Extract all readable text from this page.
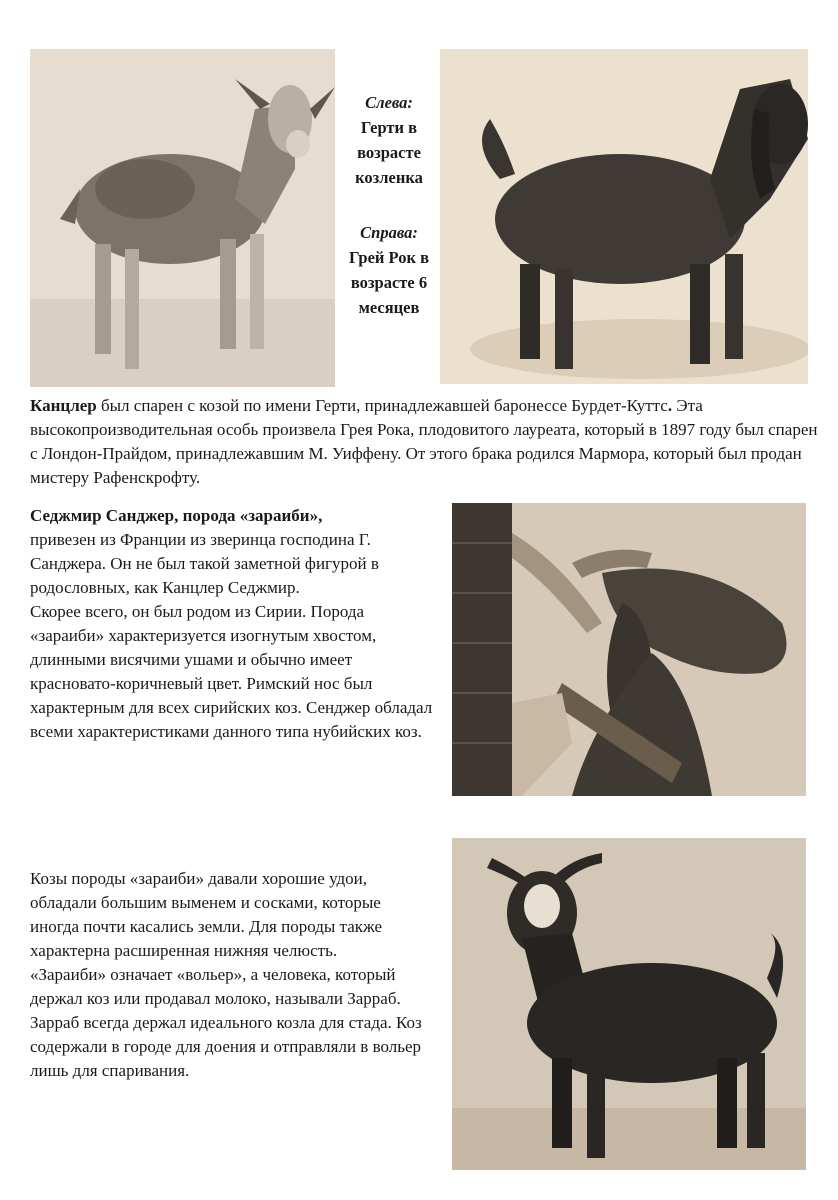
Слева:
Герти в возрасте козленка
Справа:
Грей Рок в возрасте 6 месяцев

Канцлер был спарен с козой по имени Герти, принадлежавшей баронессе Бурдет-Куттс. Эта высокопроизводительная особь произвела Грея Рока, плодовитого лауреата, который в 1897 году был спарен с Лондон-Прайдом, принадлежавшим М. Уиффену. От этого брака родился Мармора, который был продан мистеру Рафенскрофту.

Седжмир Санджер, порода «зараиби»,

привезен из Франции из зверинца господина Г. Санджера. Он не был такой заметной фигурой в родословных, как Канцлер Седжмир.

Скорее всего, он был родом из Сирии. Порода «зараиби» характеризуется изогнутым хвостом, длинными висячими ушами и обычно имеет красновато-коричневый цвет. Римский нос был характерным для всех сирийских коз. Сенджер обладал всеми характеристиками данного типа нубийских коз.

Козы породы «зараиби» давали хорошие удои, обладали большим выменем и сосками, которые иногда почти касались земли. Для породы также характерна расширенная нижняя челюсть.

«Зараиби» означает «вольер», а человека, который держал коз или продавал молоко, называли Зарраб.

Зарраб всегда держал идеального козла для стада. Коз содержали в городе для доения и отправляли в вольер лишь для спаривания.
